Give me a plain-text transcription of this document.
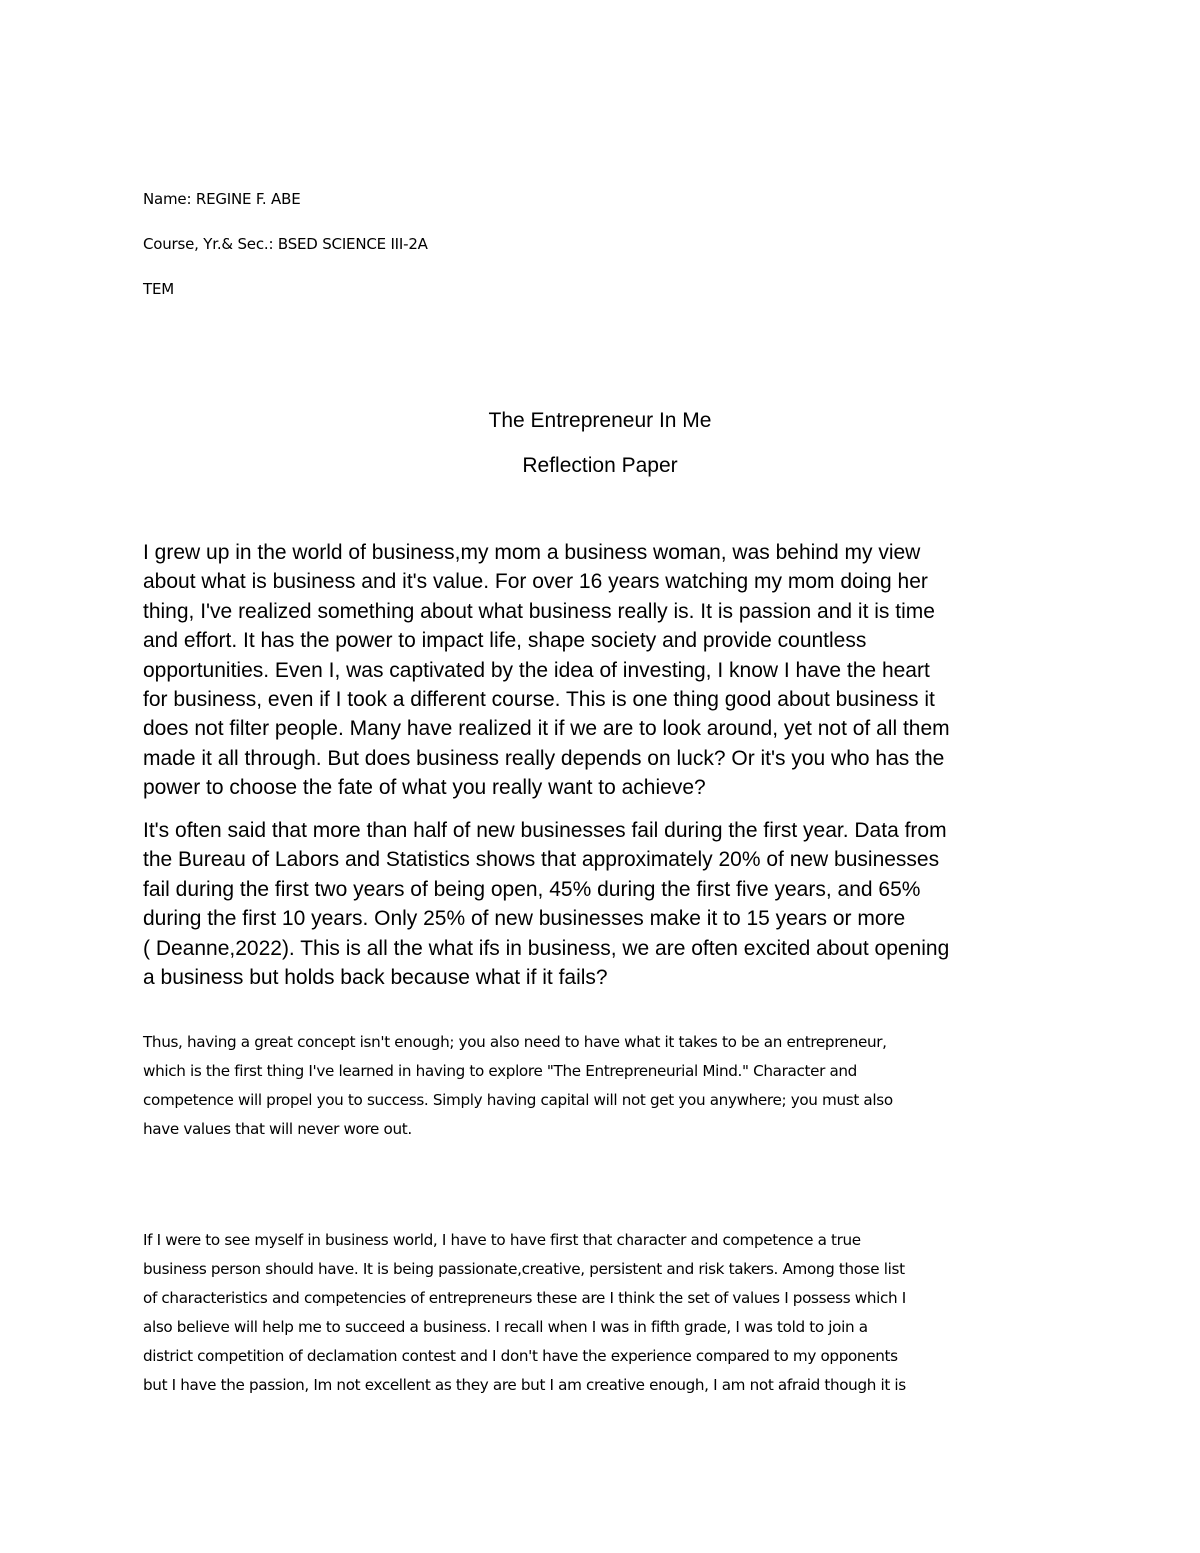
Name: REGINE F. ABE
Course, Yr.& Sec.: BSED SCIENCE III-2A
TEM
The Entrepreneur In Me
Reflection Paper
I grew up in the world of business,my mom a business woman, was behind my view
about what is business and it's value. For over 16 years watching my mom doing her
thing, I've realized something about what business really is. It is passion and it is time
and effort. It has the power to impact life, shape society and provide countless
opportunities. Even I, was captivated by the idea of investing, I know I have the heart
for business, even if I took a different course. This is one thing good about business it
does not filter people. Many have realized it if we are to look around, yet not of all them
made it all through. But does business really depends on luck? Or it's you who has the
power to choose the fate of what you really want to achieve?
It's often said that more than half of new businesses fail during the first year. Data from
the Bureau of Labors and Statistics shows that approximately 20% of new businesses
fail during the first two years of being open, 45% during the first five years, and 65%
during the first 10 years. Only 25% of new businesses make it to 15 years or more
( Deanne,2022). This is all the what ifs in business, we are often excited about opening
a business but holds back because what if it fails?
Thus, having a great concept isn't enough; you also need to have what it takes to be an entrepreneur,
which is the first thing I've learned in having to explore "The Entrepreneurial Mind." Character and
competence will propel you to success. Simply having capital will not get you anywhere; you must also
have values that will never wore out.
If I were to see myself in business world, I have to have first that character and competence a true
business person should have. It is being passionate,creative, persistent and risk takers. Among those list
of characteristics and competencies of entrepreneurs these are I think the set of values I possess which I
also believe will help me to succeed a business. I recall when I was in fifth grade, I was told to join a
district competition of declamation contest and I don't have the experience compared to my opponents
but I have the passion, Im not excellent as they are but I am creative enough, I am not afraid though it is
